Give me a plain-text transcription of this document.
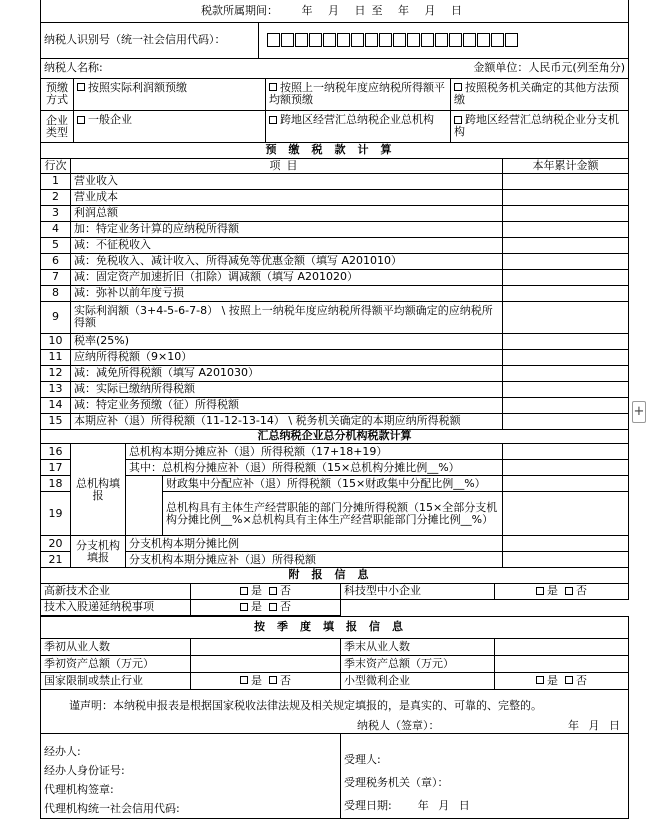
税款所属期间： 年 月 日至 年 月 日
纳税人识别号（统一社会信用代码）：	
纳税人名称:	金额单位：人民币元(列至角分)
预缴方式	按照实际利润额预缴	按照上一纳税年度应纳税所得额平均额预缴	按照税务机关确定的其他方法预缴
企业类型	一般企业	跨地区经营汇总纳税企业总机构	跨地区经营汇总纳税企业分支机构
预缴税款计算		
行次	项目	本年累计金额
1	营业收入	
2	营业成本	
3	利润总额	
4	加：特定业务计算的应纳税所得额	
5	减：不征税收入	
6	减：免税收入、减计收入、所得减免等优惠金额（填写 A201010）	
7	减：固定资产加速折旧（扣除）调减额（填写 A201020）	
8	减：弥补以前年度亏损	
9	实际利润额（3+4-5-6-7-8） \ 按照上一纳税年度应纳税所得额平均额确定的应纳税所得额	
10	税率(25%)	
11	应纳所得税额（9×10）	
12	减：减免所得税额（填写 A201030）	
13	减：实际已缴纳所得税额	
14	减：特定业务预缴（征）所得税额	
15	本期应补（退）所得税额（11-12-13-14） \ 税务机关确定的本期应纳所得税额	
汇总纳税企业总分机构税款计算				
16	总机构填报	总机构本期分摊应补（退）所得税额（17+18+19）		
17		其中：总机构分摊应补（退）所得税额（15×总机构分摊比例__%）		
18			财政集中分配应补（退）所得税额（15×财政集中分配比例__%）	
19			总机构具有主体生产经营职能的部门分摊所得税额（15×全部分支机构分摊比例__%×总机构具有主体生产经营职能部门分摊比例__%）	
20	分支机构填报	分支机构本期分摊比例		
21		分支机构本期分摊应补（退）所得税额		
附报信息			
高新技术企业	是 否	科技型中小企业	是 否
技术入股递延纳税事项	是 否		
按季度填报信息			
季初从业人数		季末从业人数	
季初资产总额（万元）		季末资产总额（万元）	
国家限制或禁止行业	是 否	小型微利企业	是 否
谨声明：本纳税申报表是根据国家税收法律法规及相关规定填报的，是真实的、可靠的、完整的。
纳税人（签章）：	年 月 日
经办人:
经办人身份证号:
代理机构签章:
代理机构统一社会信用代码:

受理人:
受理税务机关（章）：
受理日期: 年 月 日
+
